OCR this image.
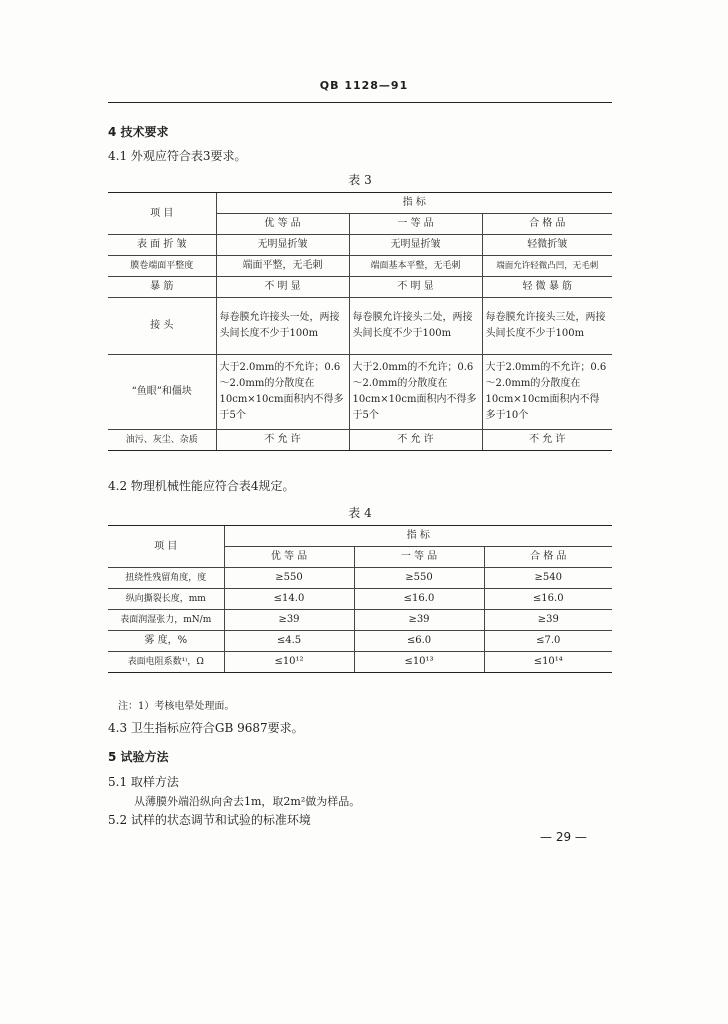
QB 1128—91
4 技术要求
4.1 外观应符合表3要求。
表 3
项 目	指 标		
	优 等 品	一 等 品	合 格 品
表 面 折 皱	无明显折皱	无明显折皱	轻微折皱
膜卷端面平整度	端面平整，无毛刺	端面基本平整，无毛刺	端面允许轻微凸凹，无毛刺
暴 筋	不 明 显	不 明 显	轻 微 暴 筋
接 头	每卷膜允许接头一处，两接头间长度不少于100m	每卷膜允许接头二处，两接头间长度不少于100m	每卷膜允许接头三处，两接头间长度不少于100m
“鱼眼”和僵块	大于2.0mm的不允许；0.6～2.0mm的分散度在10cm×10cm面积内不得多于5个	大于2.0mm的不允许；0.6～2.0mm的分散度在10cm×10cm面积内不得多于5个	大于2.0mm的不允许；0.6～2.0mm的分散度在10cm×10cm面积内不得多于10个
油污、灰尘、杂质	不 允 许	不 允 许	不 允 许
4.2 物理机械性能应符合表4规定。
表 4
项 目	指 标		
	优 等 品	一 等 品	合 格 品
扭绕性残留角度，度	≥550	≥550	≥540
纵向撕裂长度，mm	≤14.0	≤16.0	≤16.0
表面润湿张力，mN/m	≥39	≥39	≥39
雾 度，%	≤4.5	≤6.0	≤7.0
表面电阻系数¹⁾，Ω	≤10¹²	≤10¹³	≤10¹⁴
注：1）考核电晕处理面。
4.3 卫生指标应符合GB 9687要求。
5 试验方法
5.1 取样方法
从薄膜外端沿纵向舍去1m，取2m²做为样品。
5.2 试样的状态调节和试验的标准环境
— 29 —
